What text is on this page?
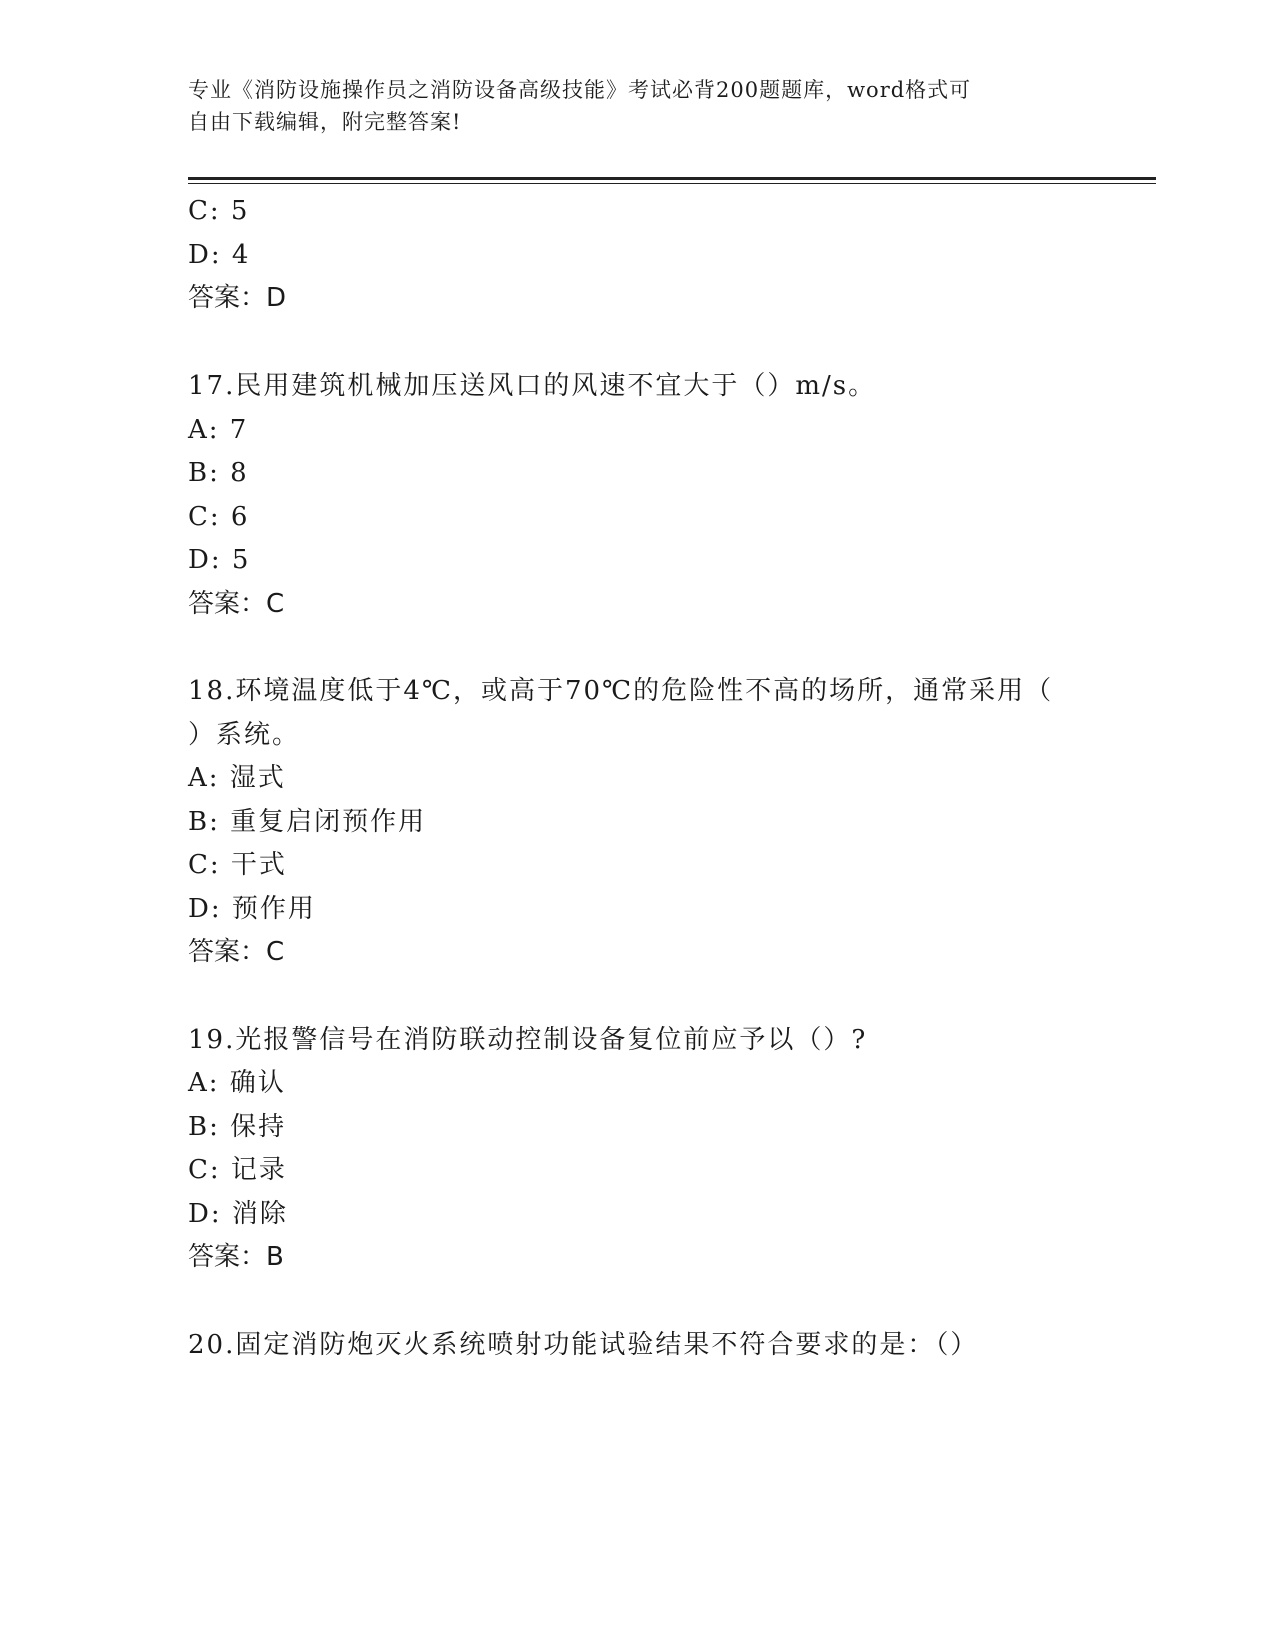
专业《消防设施操作员之消防设备高级技能》考试必背200题题库，word格式可
自由下载编辑，附完整答案!
C: 5
D: 4
答案：D
17.民用建筑机械加压送风口的风速不宜大于（）m/s。
A: 7
B: 8
C: 6
D: 5
答案：C
18.环境温度低于4℃，或高于70℃的危险性不高的场所，通常采用（
）系统。
A: 湿式
B: 重复启闭预作用
C: 干式
D: 预作用
答案：C
19.光报警信号在消防联动控制设备复位前应予以（）?
A: 确认
B: 保持
C: 记录
D: 消除
答案：B
20.固定消防炮灭火系统喷射功能试验结果不符合要求的是：（）
